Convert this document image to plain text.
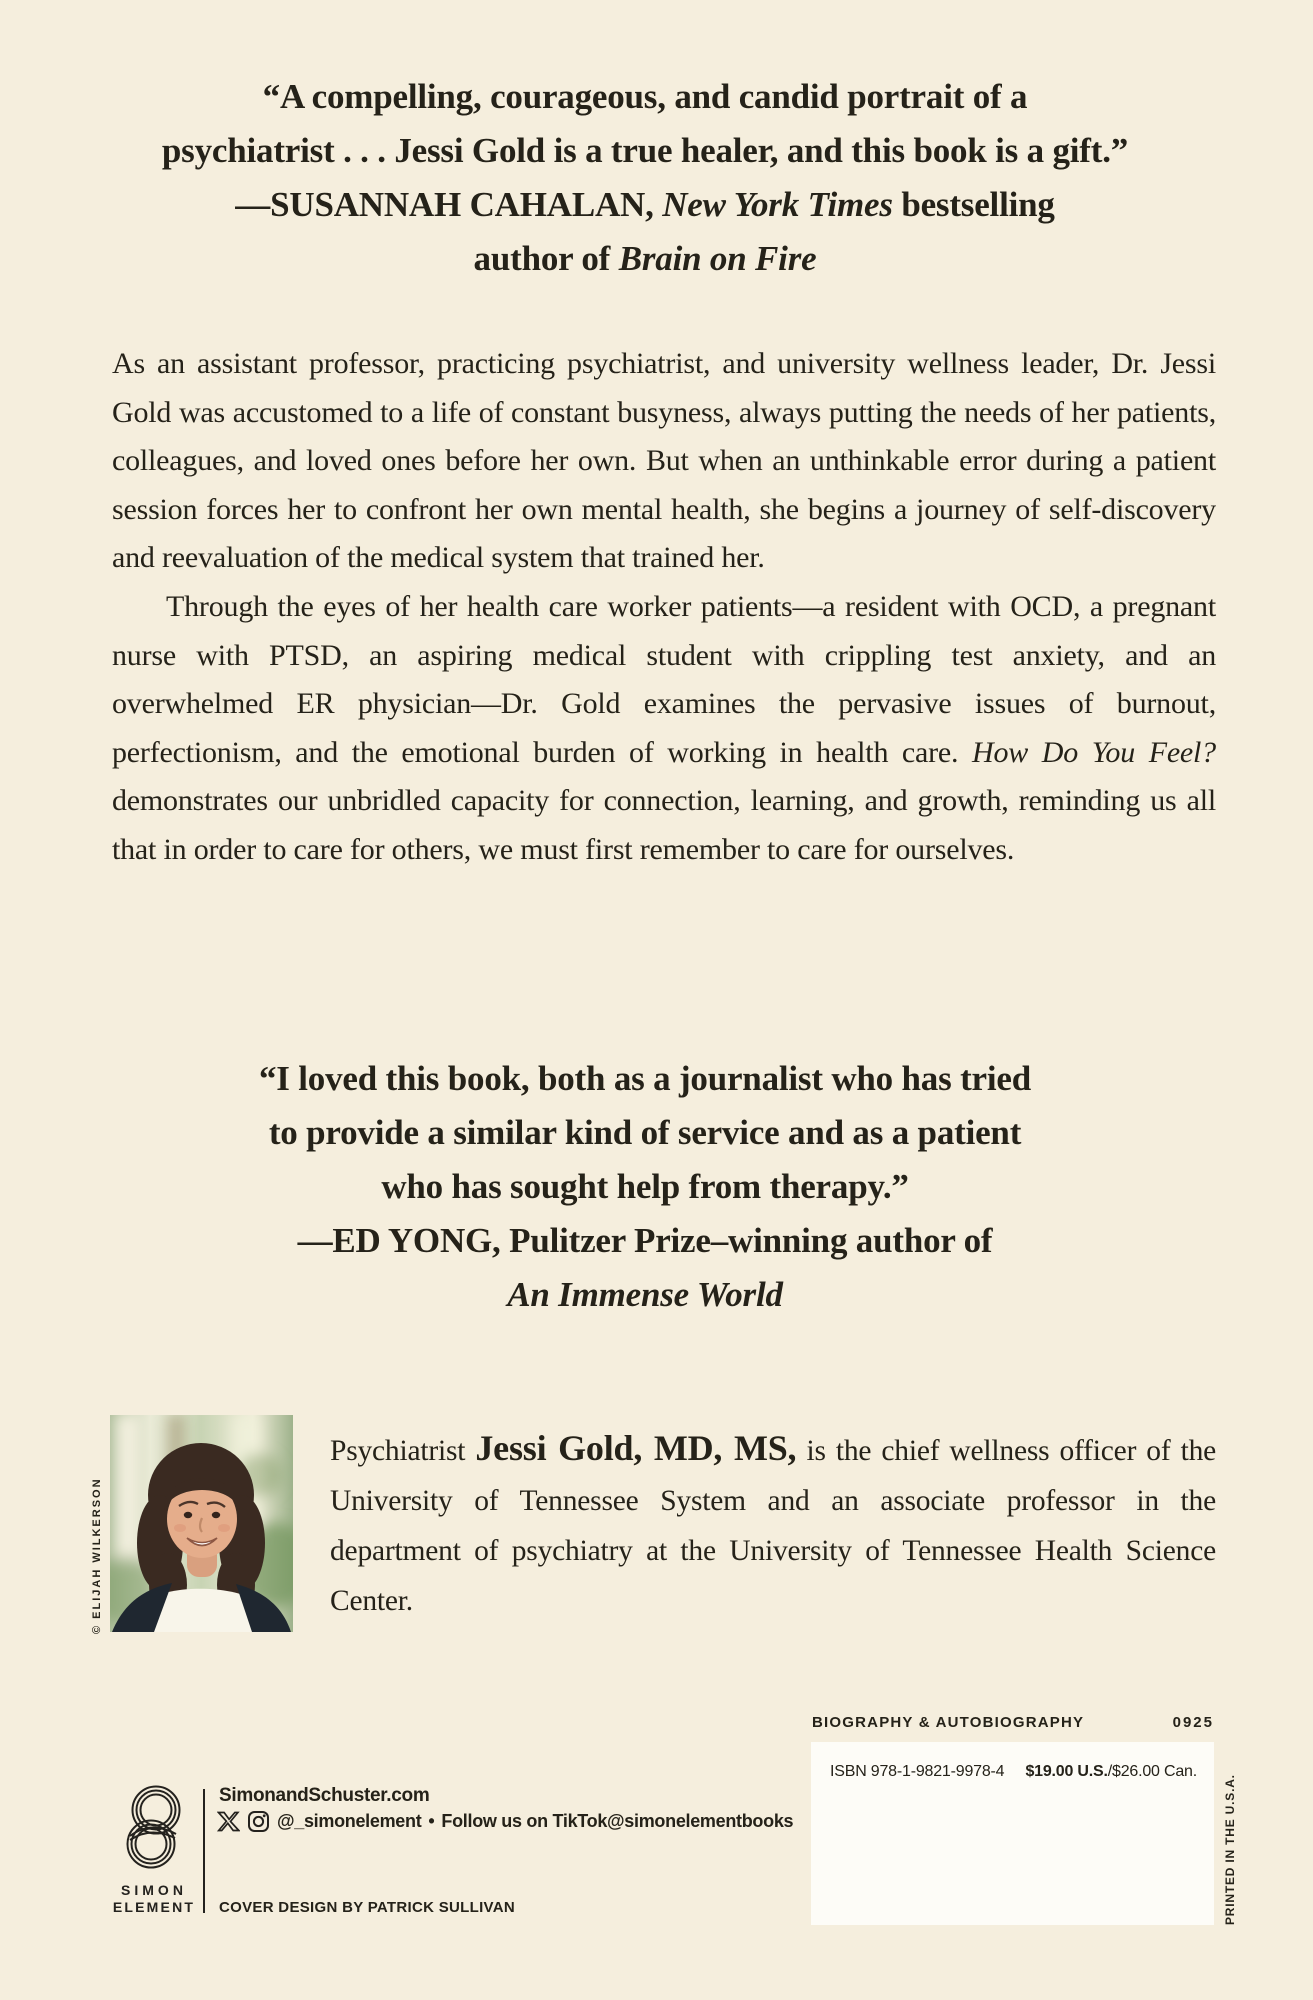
“A compelling, courageous, and candid portrait of a
psychiatrist . . . Jessi Gold is a true healer, and this book is a gift.”
—SUSANNAH CAHALAN, New York Times bestselling
author of Brain on Fire

As an assistant professor, practicing psychiatrist, and university wellness leader, Dr. Jessi Gold was accustomed to a life of constant busyness, always putting the needs of her patients, colleagues, and loved ones before her own. But when an unthinkable error during a patient session forces her to confront her own mental health, she begins a journey of self-discovery and reevaluation of the medical system that trained her.

Through the eyes of her health care worker patients—a resident with OCD, a pregnant nurse with PTSD, an aspiring medical student with crippling test anxiety, and an overwhelmed ER physician—Dr. Gold examines the pervasive issues of burnout, perfectionism, and the emotional burden of working in health care. How Do You Feel? demonstrates our unbridled capacity for connection, learning, and growth, reminding us all that in order to care for others, we must first remember to care for ourselves.

“I loved this book, both as a journalist who has tried
to provide a similar kind of service and as a patient
who has sought help from therapy.”
—ED YONG, Pulitzer Prize–winning author of
An Immense World
© ELIJAH WILKERSON

Psychiatrist Jessi Gold, MD, MS, is the chief wellness officer of the University of Tennessee System and an associate professor in the department of psychiatry at the University of Tennessee Health Science Center.

SIMON
ELEMENT
SimonandSchuster.com
@_simonelement • Follow us on TikTok@simonelementbooks
COVER DESIGN BY PATRICK SULLIVAN
BIOGRAPHY & AUTOBIOGRAPHY	0925
ISBN 978-1-9821-9978-4 $19.00 U.S./$26.00 Can.
PRINTED IN THE U.S.A.
